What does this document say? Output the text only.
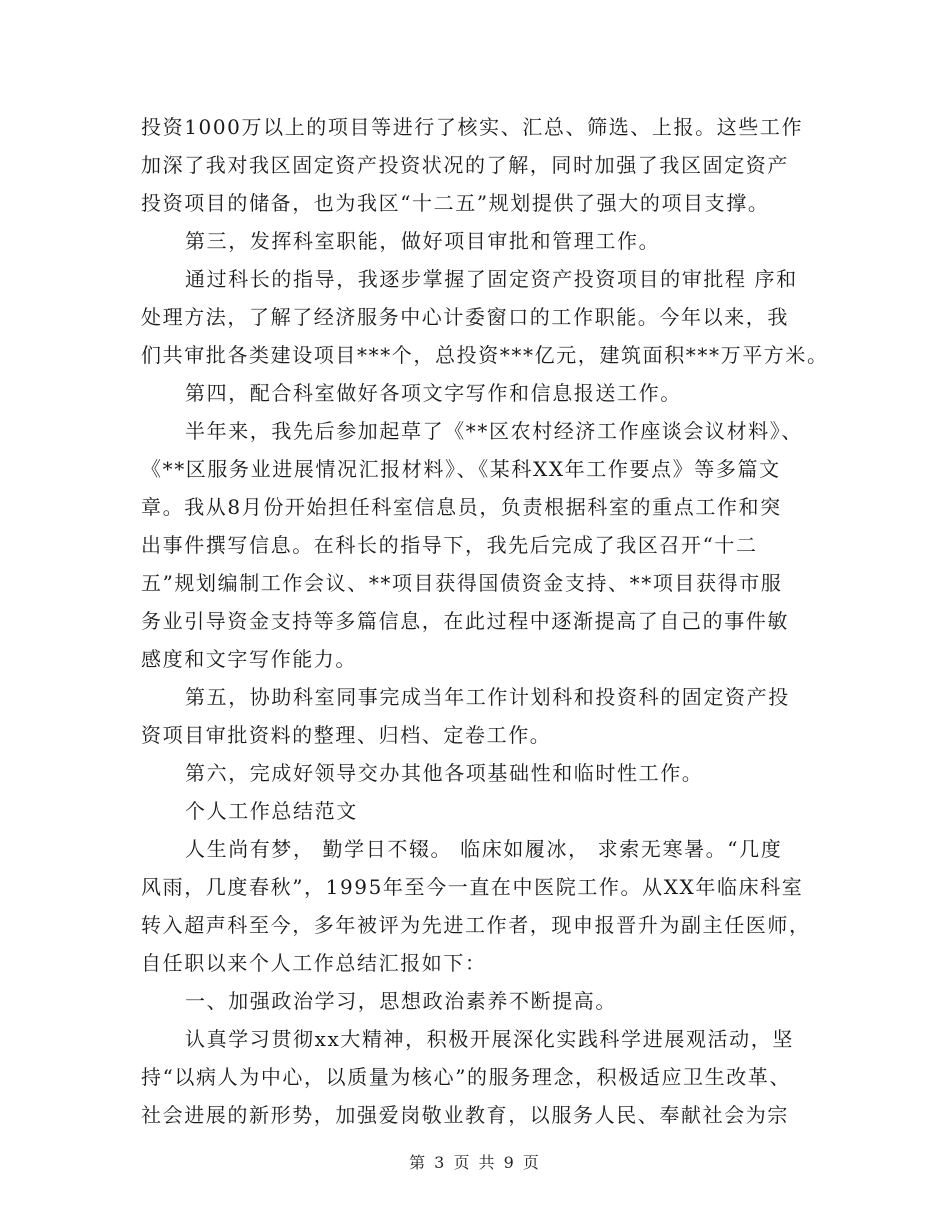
投资1000万以上的项目等进行了核实、汇总、筛选、上报。这些工作
加深了我对我区固定资产投资状况的了解，同时加强了我区固定资产
投资项目的储备，也为我区“十二五”规划提供了强大的项目支撑。
第三，发挥科室职能，做好项目审批和管理工作。
通过科长的指导，我逐步掌握了固定资产投资项目的审批程 序和
处理方法，了解了经济服务中心计委窗口的工作职能。今年以来，我
们共审批各类建设项目***个，总投资***亿元，建筑面积***万平方米。
第四，配合科室做好各项文字写作和信息报送工作。
半年来，我先后参加起草了《**区农村经济工作座谈会议材料》、
《**区服务业进展情况汇报材料》、《某科XX年工作要点》等多篇文
章。我从8月份开始担任科室信息员，负责根据科室的重点工作和突
出事件撰写信息。在科长的指导下，我先后完成了我区召开“十二
五”规划编制工作会议、**项目获得国债资金支持、**项目获得市服
务业引导资金支持等多篇信息，在此过程中逐渐提高了自己的事件敏
感度和文字写作能力。
第五，协助科室同事完成当年工作计划科和投资科的固定资产投
资项目审批资料的整理、归档、定卷工作。
第六，完成好领导交办其他各项基础性和临时性工作。
个人工作总结范文
人生尚有梦， 勤学日不辍。 临床如履冰， 求索无寒暑。“几度
风雨，几度春秋”，1995年至今一直在中医院工作。从XX年临床科室
转入超声科至今，多年被评为先进工作者，现申报晋升为副主任医师，
自任职以来个人工作总结汇报如下：
一、加强政治学习，思想政治素养不断提高。
认真学习贯彻xx大精神，积极开展深化实践科学进展观活动，坚
持“以病人为中心，以质量为核心”的服务理念，积极适应卫生改革、
社会进展的新形势，加强爱岗敬业教育，以服务人民、奉献社会为宗
第 3 页 共 9 页
